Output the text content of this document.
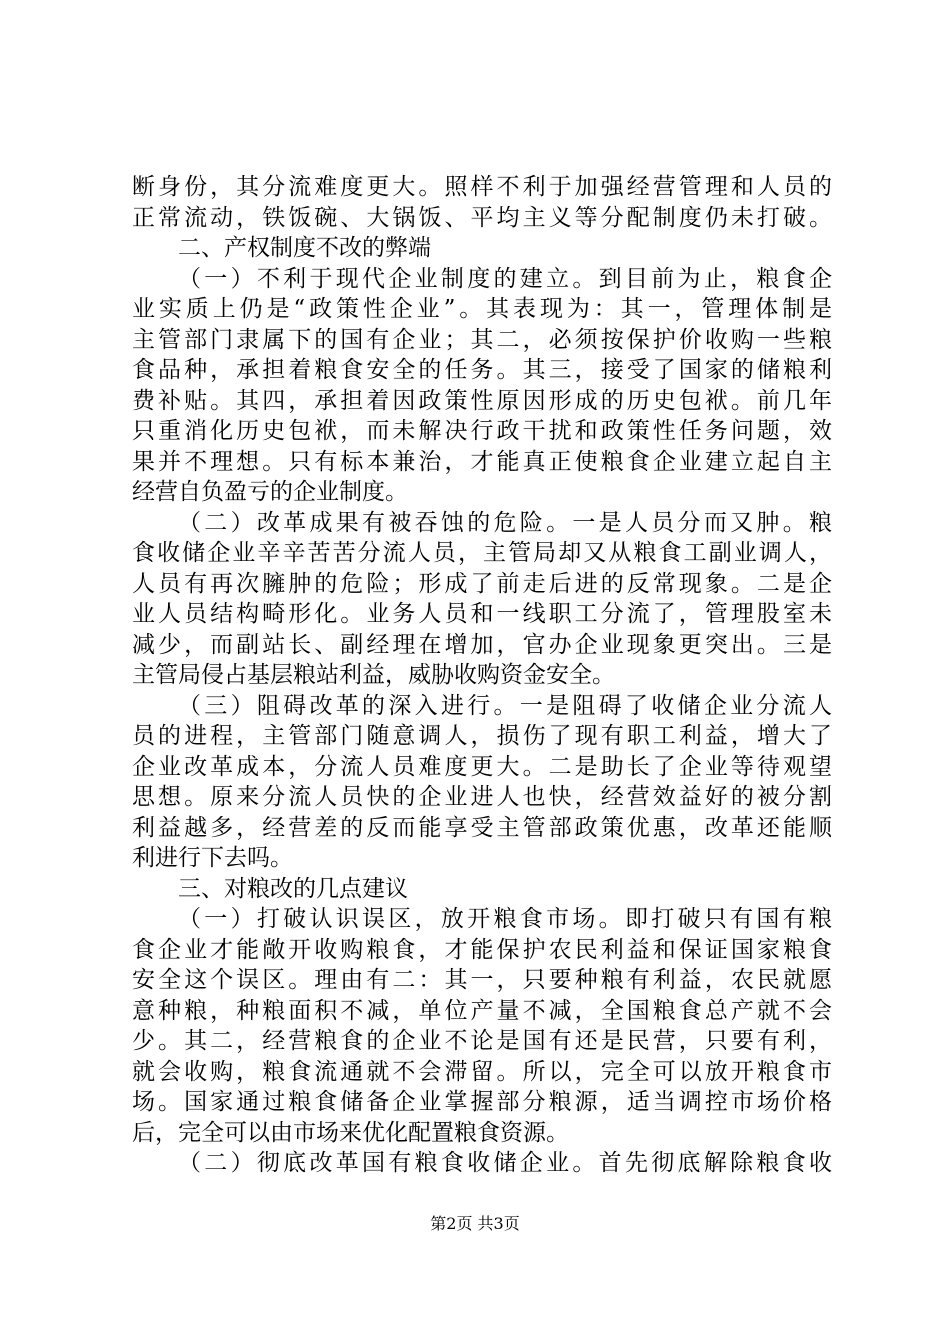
断身份，其分流难度更大。照样不利于加强经营管理和人员的
正常流动，铁饭碗、大锅饭、平均主义等分配制度仍未打破。
二、产权制度不改的弊端
（一）不利于现代企业制度的建立。到目前为止，粮食企
业实质上仍是“政策性企业”。其表现为：其一，管理体制是
主管部门隶属下的国有企业；其二，必须按保护价收购一些粮
食品种，承担着粮食安全的任务。其三，接受了国家的储粮利
费补贴。其四，承担着因政策性原因形成的历史包袱。前几年
只重消化历史包袱，而未解决行政干扰和政策性任务问题，效
果并不理想。只有标本兼治，才能真正使粮食企业建立起自主
经营自负盈亏的企业制度。
（二）改革成果有被吞蚀的危险。一是人员分而又肿。粮
食收储企业辛辛苦苦分流人员，主管局却又从粮食工副业调人，
人员有再次臃肿的危险；形成了前走后进的反常现象。二是企
业人员结构畸形化。业务人员和一线职工分流了，管理股室未
减少，而副站长、副经理在增加，官办企业现象更突出。三是
主管局侵占基层粮站利益，威胁收购资金安全。
（三）阻碍改革的深入进行。一是阻碍了收储企业分流人
员的进程，主管部门随意调人，损伤了现有职工利益，增大了
企业改革成本，分流人员难度更大。二是助长了企业等待观望
思想。原来分流人员快的企业进人也快，经营效益好的被分割
利益越多，经营差的反而能享受主管部政策优惠，改革还能顺
利进行下去吗。
三、对粮改的几点建议
（一）打破认识误区，放开粮食市场。即打破只有国有粮
食企业才能敞开收购粮食，才能保护农民利益和保证国家粮食
安全这个误区。理由有二：其一，只要种粮有利益，农民就愿
意种粮，种粮面积不减，单位产量不减，全国粮食总产就不会
少。其二，经营粮食的企业不论是国有还是民营，只要有利，
就会收购，粮食流通就不会滞留。所以，完全可以放开粮食市
场。国家通过粮食储备企业掌握部分粮源，适当调控市场价格
后，完全可以由市场来优化配置粮食资源。
（二）彻底改革国有粮食收储企业。首先彻底解除粮食收
第2页 共3页
